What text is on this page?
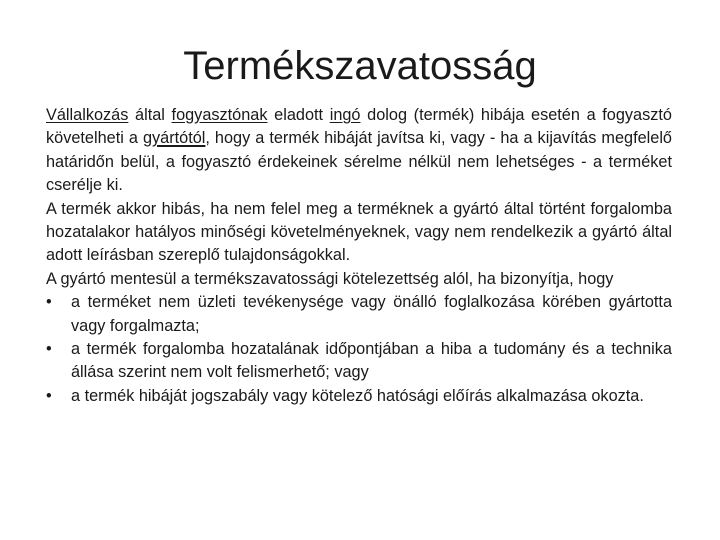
Termékszavatosság

Vállalkozás által fogyasztónak eladott ingó dolog (termék) hibája esetén a fogyasztó követelheti a gyártótól, hogy a termék hibáját javítsa ki, vagy - ha a kijavítás megfelelő határidőn belül, a fogyasztó érdekeinek sérelme nélkül nem lehetséges - a terméket cserélje ki.

A termék akkor hibás, ha nem felel meg a terméknek a gyártó által történt forgalomba hozatalakor hatályos minőségi követelményeknek, vagy nem rendelkezik a gyártó által adott leírásban szereplő tulajdonságokkal.

A gyártó mentesül a termékszavatossági kötelezettség alól, ha bizonyítja, hogy

• a terméket nem üzleti tevékenysége vagy önálló foglalkozása körében gyártotta vagy forgalmazta;
• a termék forgalomba hozatalának időpontjában a hiba a tudomány és a technika állása szerint nem volt felismerhető; vagy
• a termék hibáját jogszabály vagy kötelező hatósági előírás alkalmazása okozta.
